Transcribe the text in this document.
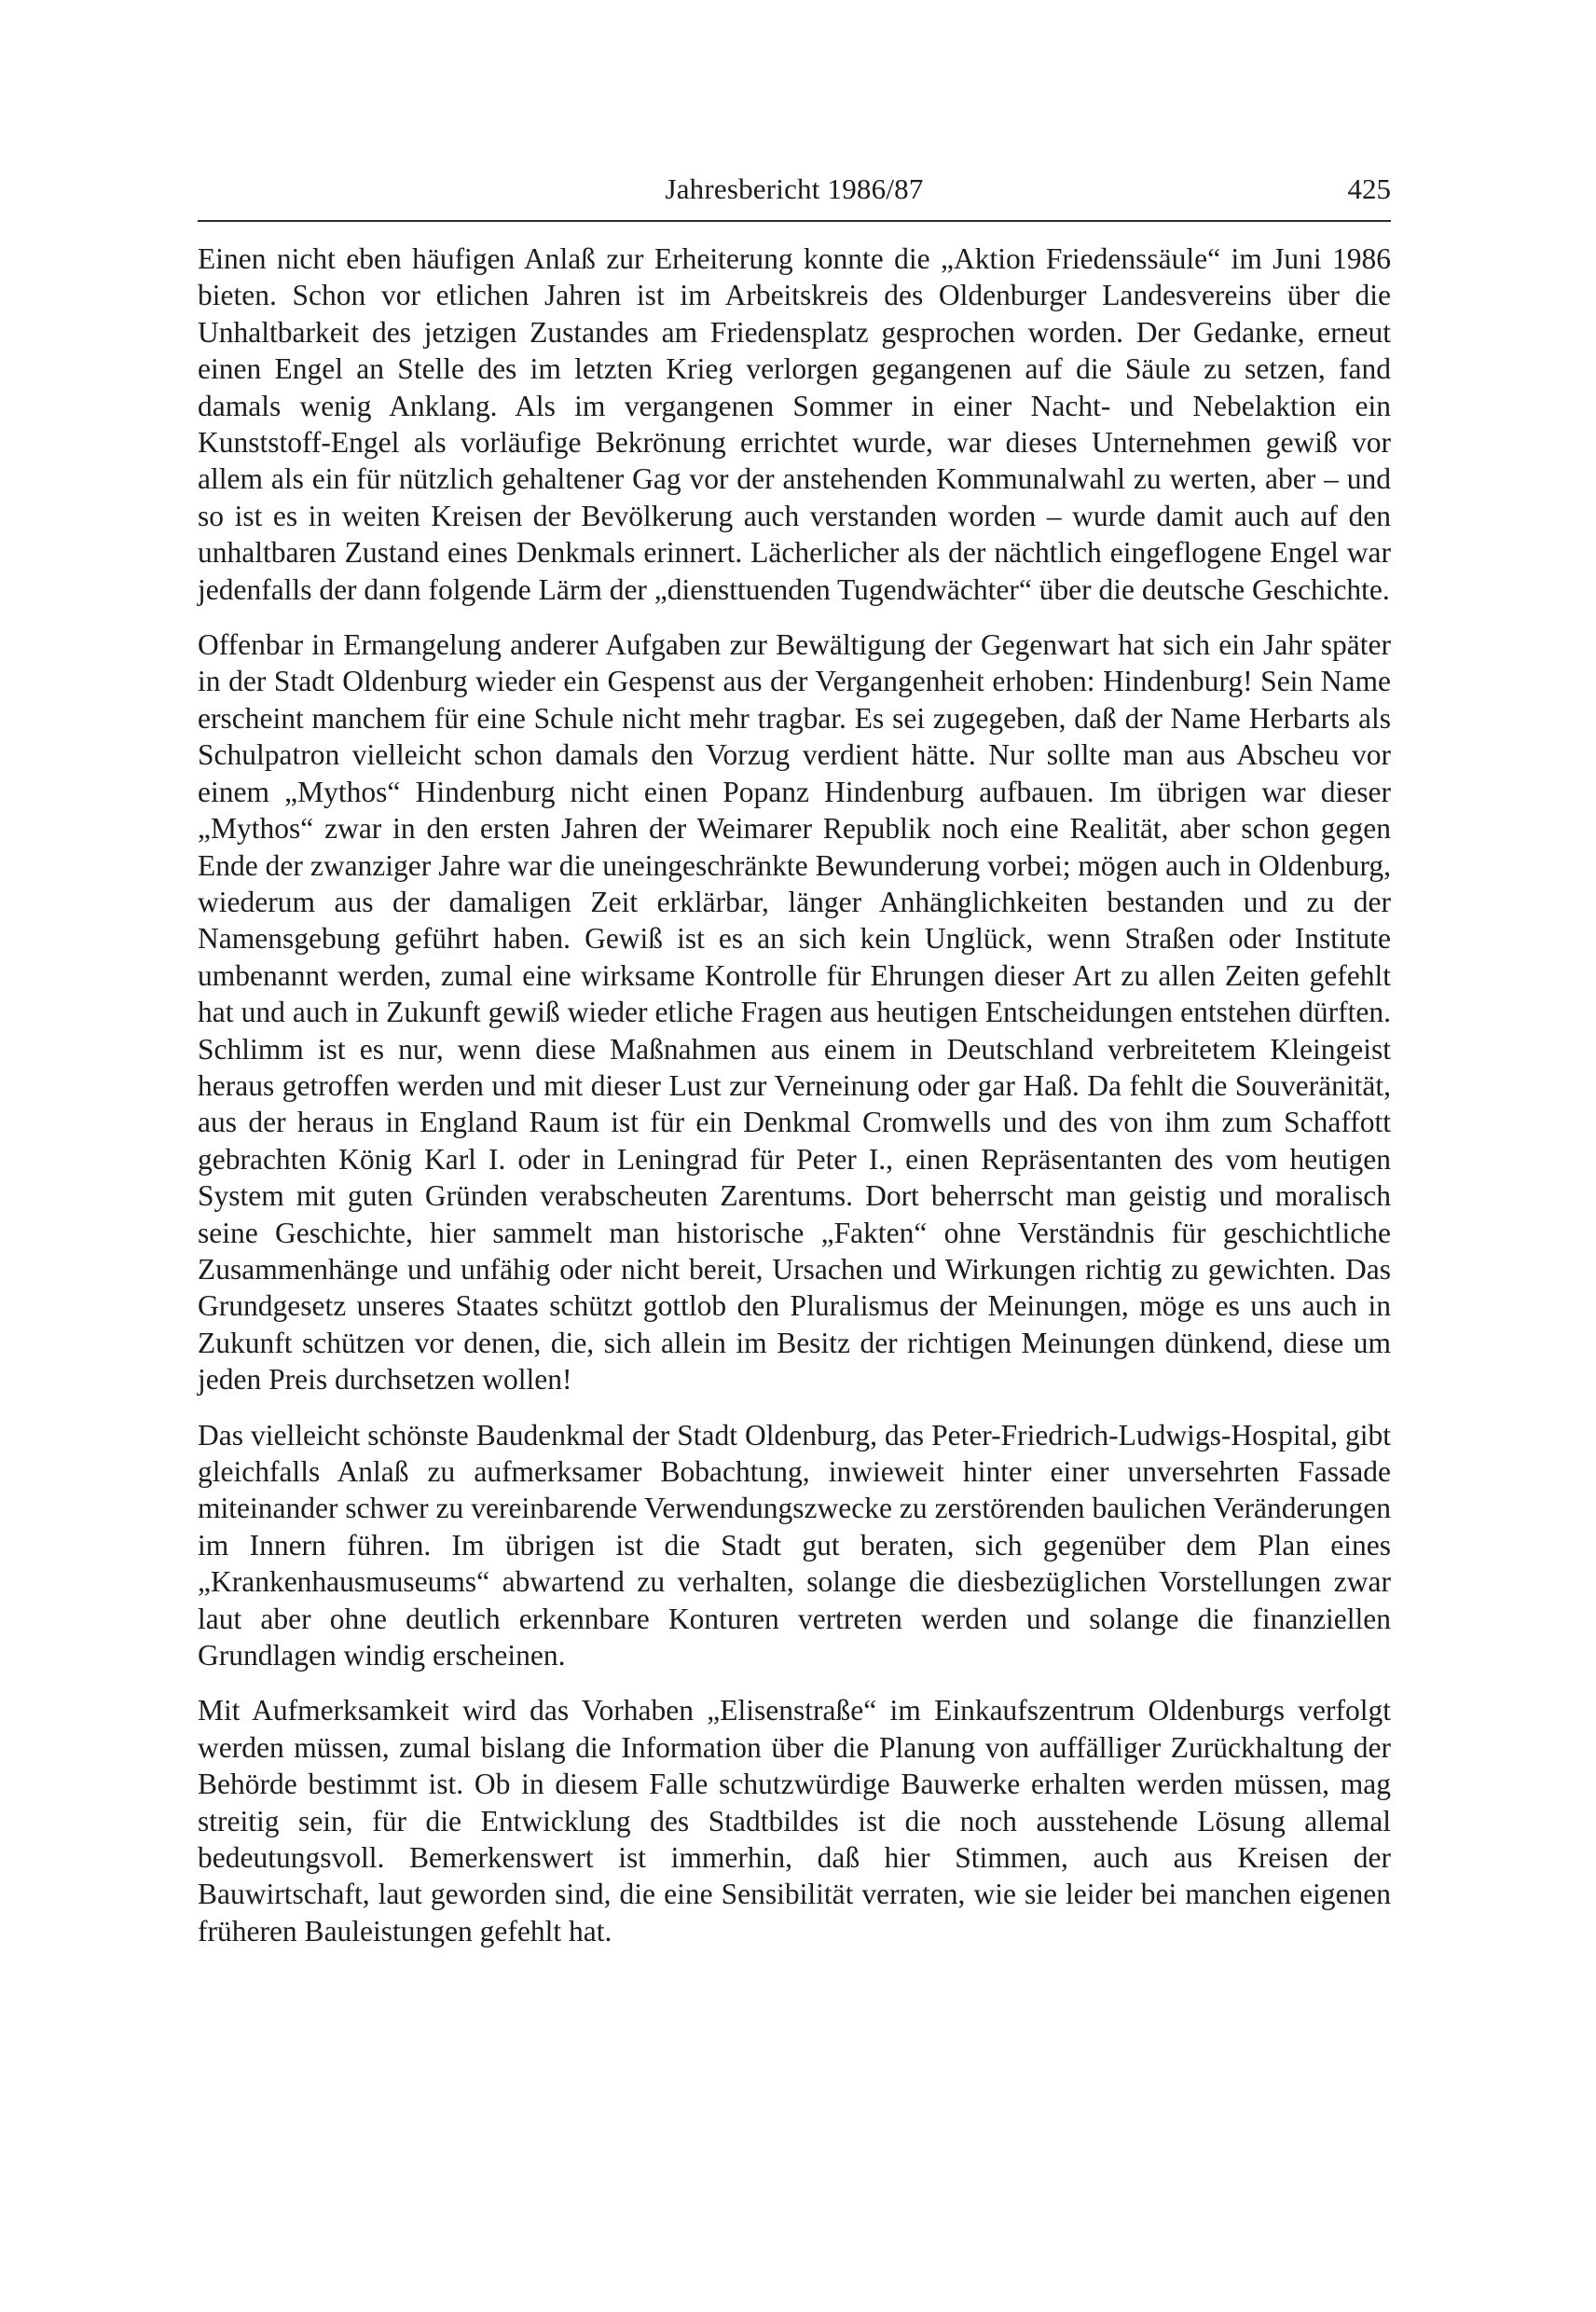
Jahresbericht 1986/87	425

Einen nicht eben häufigen Anlaß zur Erheiterung konnte die „Aktion Friedenssäule“ im Juni 1986 bieten. Schon vor etlichen Jahren ist im Arbeitskreis des Oldenburger Landesvereins über die Unhaltbarkeit des jetzigen Zustandes am Friedensplatz gesprochen worden. Der Gedanke, erneut einen Engel an Stelle des im letzten Krieg verlorgen gegangenen auf die Säule zu setzen, fand damals wenig Anklang. Als im vergangenen Sommer in einer Nacht- und Nebelaktion ein Kunststoff-Engel als vorläufige Bekrönung errichtet wurde, war dieses Unternehmen gewiß vor allem als ein für nützlich gehaltener Gag vor der anstehenden Kommunalwahl zu werten, aber – und so ist es in weiten Kreisen der Bevölkerung auch verstanden worden – wurde damit auch auf den unhaltbaren Zustand eines Denkmals erinnert. Lächerlicher als der nächtlich eingeflogene Engel war jedenfalls der dann folgende Lärm der „diensttuenden Tugendwächter“ über die deutsche Geschichte.

Offenbar in Ermangelung anderer Aufgaben zur Bewältigung der Gegenwart hat sich ein Jahr später in der Stadt Oldenburg wieder ein Gespenst aus der Vergangenheit erhoben: Hindenburg! Sein Name erscheint manchem für eine Schule nicht mehr tragbar. Es sei zugegeben, daß der Name Herbarts als Schulpatron vielleicht schon damals den Vorzug verdient hätte. Nur sollte man aus Abscheu vor einem „Mythos“ Hindenburg nicht einen Popanz Hindenburg aufbauen. Im übrigen war dieser „Mythos“ zwar in den ersten Jahren der Weimarer Republik noch eine Realität, aber schon gegen Ende der zwanziger Jahre war die uneingeschränkte Bewunderung vorbei; mögen auch in Oldenburg, wiederum aus der damaligen Zeit erklärbar, länger Anhänglichkeiten bestanden und zu der Namensgebung geführt haben. Gewiß ist es an sich kein Unglück, wenn Straßen oder Institute umbenannt werden, zumal eine wirksame Kontrolle für Ehrungen dieser Art zu allen Zeiten gefehlt hat und auch in Zukunft gewiß wieder etliche Fragen aus heutigen Entscheidungen entstehen dürften. Schlimm ist es nur, wenn diese Maßnahmen aus einem in Deutschland verbreitetem Kleingeist heraus getroffen werden und mit dieser Lust zur Verneinung oder gar Haß. Da fehlt die Souveränität, aus der heraus in England Raum ist für ein Denkmal Cromwells und des von ihm zum Schaffott gebrachten König Karl I. oder in Leningrad für Peter I., einen Repräsentanten des vom heutigen System mit guten Gründen verabscheuten Zarentums. Dort beherrscht man geistig und moralisch seine Geschichte, hier sammelt man historische „Fakten“ ohne Verständnis für geschichtliche Zusammenhänge und unfähig oder nicht bereit, Ursachen und Wirkungen richtig zu gewichten. Das Grundgesetz unseres Staates schützt gottlob den Pluralismus der Meinungen, möge es uns auch in Zukunft schützen vor denen, die, sich allein im Besitz der richtigen Meinungen dünkend, diese um jeden Preis durchsetzen wollen!

Das vielleicht schönste Baudenkmal der Stadt Oldenburg, das Peter-Friedrich-Ludwigs-Hospital, gibt gleichfalls Anlaß zu aufmerksamer Bobachtung, inwieweit hinter einer unversehrten Fassade miteinander schwer zu vereinbarende Verwendungszwecke zu zerstörenden baulichen Veränderungen im Innern führen. Im übrigen ist die Stadt gut beraten, sich gegenüber dem Plan eines „Krankenhausmuseums“ abwartend zu verhalten, solange die diesbezüglichen Vorstellungen zwar laut aber ohne deutlich erkennbare Konturen vertreten werden und solange die finanziellen Grundlagen windig erscheinen.

Mit Aufmerksamkeit wird das Vorhaben „Elisenstraße“ im Einkaufszentrum Oldenburgs verfolgt werden müssen, zumal bislang die Information über die Planung von auffälliger Zurückhaltung der Behörde bestimmt ist. Ob in diesem Falle schutzwürdige Bauwerke erhalten werden müssen, mag streitig sein, für die Entwicklung des Stadtbildes ist die noch ausstehende Lösung allemal bedeutungsvoll. Bemerkenswert ist immerhin, daß hier Stimmen, auch aus Kreisen der Bauwirtschaft, laut geworden sind, die eine Sensibilität verraten, wie sie leider bei manchen eigenen früheren Bauleistungen gefehlt hat.
